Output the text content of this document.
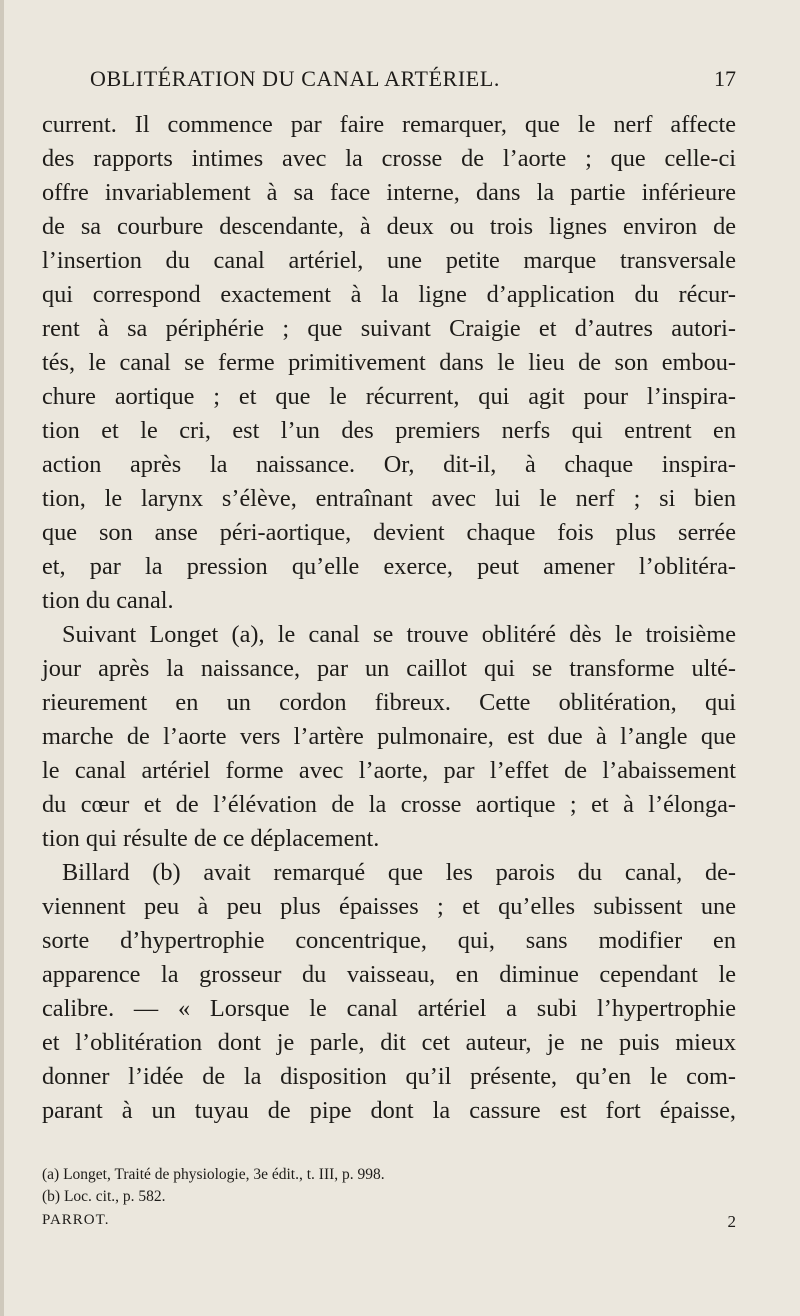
OBLITÉRATION DU CANAL ARTÉRIEL.	17
current. Il commence par faire remarquer, que le nerf affecte
des rapports intimes avec la crosse de l’aorte ; que celle-ci
offre invariablement à sa face interne, dans la partie inférieure
de sa courbure descendante, à deux ou trois lignes environ de
l’insertion du canal artériel, une petite marque transversale
qui correspond exactement à la ligne d’application du récur-
rent à sa périphérie ; que suivant Craigie et d’autres autori-
tés, le canal se ferme primitivement dans le lieu de son embou-
chure aortique ; et que le récurrent, qui agit pour l’inspira-
tion et le cri, est l’un des premiers nerfs qui entrent en
action après la naissance. Or, dit-il, à chaque inspira-
tion, le larynx s’élève, entraînant avec lui le nerf ; si bien
que son anse péri-aortique, devient chaque fois plus serrée
et, par la pression qu’elle exerce, peut amener l’oblitéra-
tion du canal.
Suivant Longet (a), le canal se trouve oblitéré dès le troisième
jour après la naissance, par un caillot qui se transforme ulté-
rieurement en un cordon fibreux. Cette oblitération, qui
marche de l’aorte vers l’artère pulmonaire, est due à l’angle que
le canal artériel forme avec l’aorte, par l’effet de l’abaissement
du cœur et de l’élévation de la crosse aortique ; et à l’élonga-
tion qui résulte de ce déplacement.
Billard (b) avait remarqué que les parois du canal, de-
viennent peu à peu plus épaisses ; et qu’elles subissent une
sorte d’hypertrophie concentrique, qui, sans modifier en
apparence la grosseur du vaisseau, en diminue cependant le
calibre. — « Lorsque le canal artériel a subi l’hypertrophie
et l’oblitération dont je parle, dit cet auteur, je ne puis mieux
donner l’idée de la disposition qu’il présente, qu’en le com-
parant à un tuyau de pipe dont la cassure est fort épaisse,
(a) Longet, Traité de physiologie, 3e édit., t. III, p. 998.
(b) Loc. cit., p. 582.
PARROT.	2
